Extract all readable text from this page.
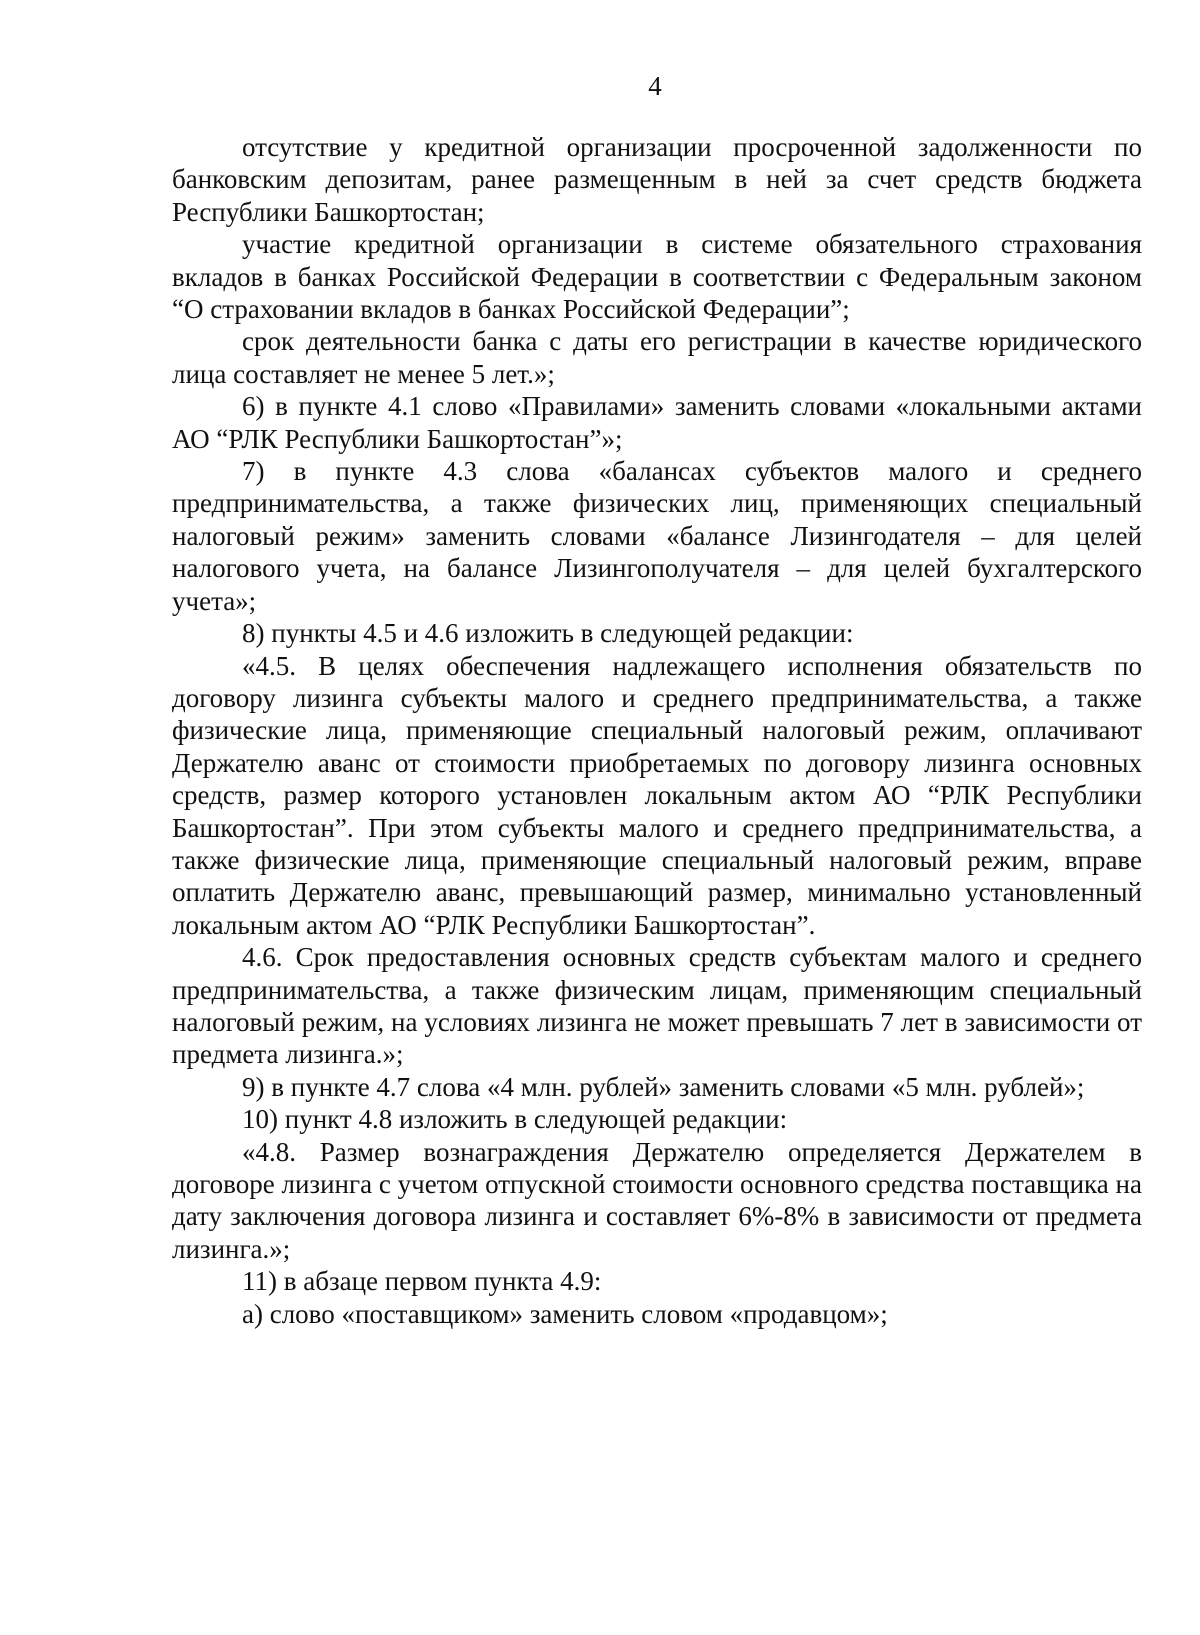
4

отсутствие у кредитной организации просроченной задолженности по банковским депозитам, ранее размещенным в ней за счет средств бюджета Республики Башкортостан;

участие кредитной организации в системе обязательного страхования вкладов в банках Российской Федерации в соответствии с Федеральным законом “О страховании вкладов в банках Российской Федерации”;

срок деятельности банка с даты его регистрации в качестве юридического лица составляет не менее 5 лет.»;

6) в пункте 4.1 слово «Правилами» заменить словами «локальными актами АО “РЛК Республики Башкортостан”»;

7) в пункте 4.3 слова «балансах субъектов малого и среднего предпринимательства, а также физических лиц, применяющих специальный налоговый режим» заменить словами «балансе Лизингодателя – для целей налогового учета, на балансе Лизингополучателя – для целей бухгалтерского учета»;

8) пункты 4.5 и 4.6 изложить в следующей редакции:

«4.5. В целях обеспечения надлежащего исполнения обязательств по договору лизинга субъекты малого и среднего предпринимательства, а также физические лица, применяющие специальный налоговый режим, оплачивают Держателю аванс от стоимости приобретаемых по договору лизинга основных средств, размер которого установлен локальным актом АО “РЛК Республики Башкортостан”. При этом субъекты малого и среднего предпринимательства, а также физические лица, применяющие специальный налоговый режим, вправе оплатить Держателю аванс, превышающий размер, минимально установленный локальным актом АО “РЛК Республики Башкортостан”.

4.6. Срок предоставления основных средств субъектам малого и среднего предпринимательства, а также физическим лицам, применяющим специальный налоговый режим, на условиях лизинга не может превышать 7 лет в зависимости от предмета лизинга.»;

9) в пункте 4.7 слова «4 млн. рублей» заменить словами «5 млн. рублей»;

10) пункт 4.8 изложить в следующей редакции:

«4.8. Размер вознаграждения Держателю определяется Держателем в договоре лизинга с учетом отпускной стоимости основного средства поставщика на дату заключения договора лизинга и составляет 6%-8% в зависимости от предмета лизинга.»;

11) в абзаце первом пункта 4.9:

а) слово «поставщиком» заменить словом «продавцом»;
